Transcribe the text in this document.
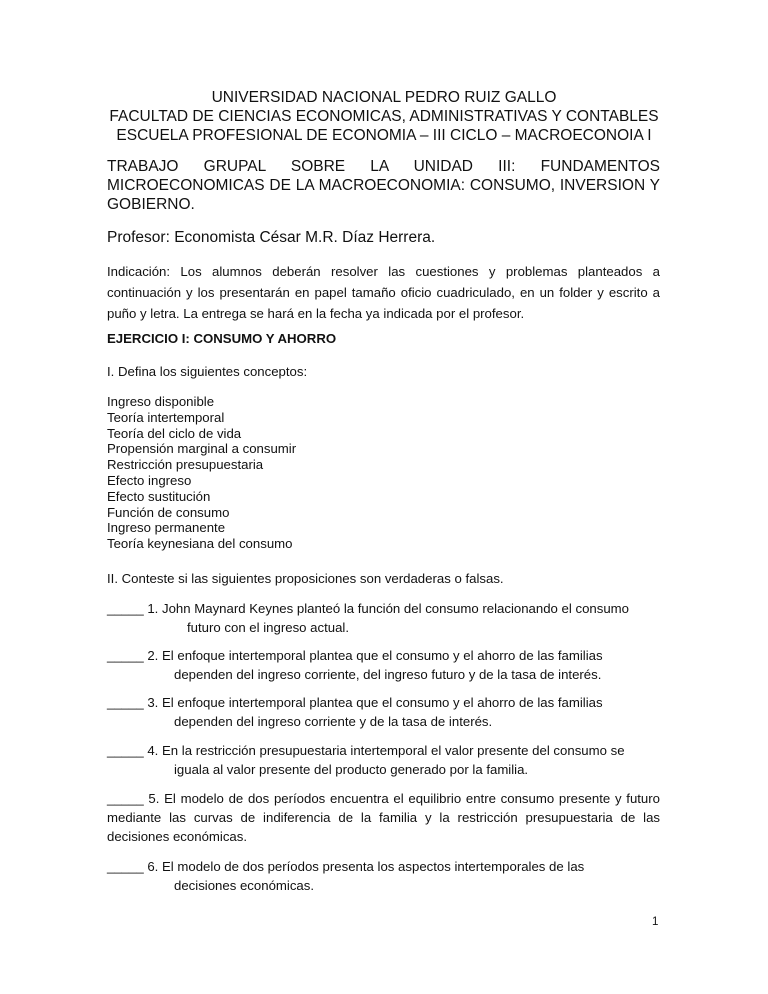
UNIVERSIDAD NACIONAL PEDRO RUIZ GALLO
FACULTAD DE CIENCIAS ECONOMICAS, ADMINISTRATIVAS Y CONTABLES
ESCUELA PROFESIONAL DE ECONOMIA – III CICLO – MACROECONOIA I
TRABAJO GRUPAL SOBRE LA UNIDAD III: FUNDAMENTOS MICROECONOMICAS DE LA MACROECONOMIA: CONSUMO, INVERSION Y GOBIERNO.
Profesor: Economista César M.R. Díaz Herrera.
Indicación: Los alumnos deberán resolver las cuestiones y problemas planteados a continuación y los presentarán en papel tamaño oficio cuadriculado, en un folder y escrito a puño y letra. La entrega se hará en la fecha ya indicada por el profesor.
EJERCICIO I: CONSUMO Y AHORRO
I. Defina los siguientes conceptos:
Ingreso disponible
Teoría intertemporal
Teoría del ciclo de vida
Propensión marginal a consumir
Restricción presupuestaria
Efecto ingreso
Efecto sustitución
Función de consumo
Ingreso permanente
Teoría keynesiana del consumo
II. Conteste si las siguientes proposiciones son verdaderas o falsas.
_____ 1. John Maynard Keynes planteó la función del consumo relacionando el consumo
futuro con el ingreso actual.
_____ 2. El enfoque intertemporal plantea que el consumo y el ahorro de las familias
dependen del ingreso corriente, del ingreso futuro y de la tasa de interés.
_____ 3. El enfoque intertemporal plantea que el consumo y el ahorro de las familias
dependen del ingreso corriente y de la tasa de interés.
_____ 4. En la restricción presupuestaria intertemporal el valor presente del consumo se
iguala al valor presente del producto generado por la familia.
_____ 5. El modelo de dos períodos encuentra el equilibrio entre consumo presente y futuro mediante las curvas de indiferencia de la familia y la restricción presupuestaria de las decisiones económicas.
_____ 6. El modelo de dos períodos presenta los aspectos intertemporales de las
decisiones económicas.
1
